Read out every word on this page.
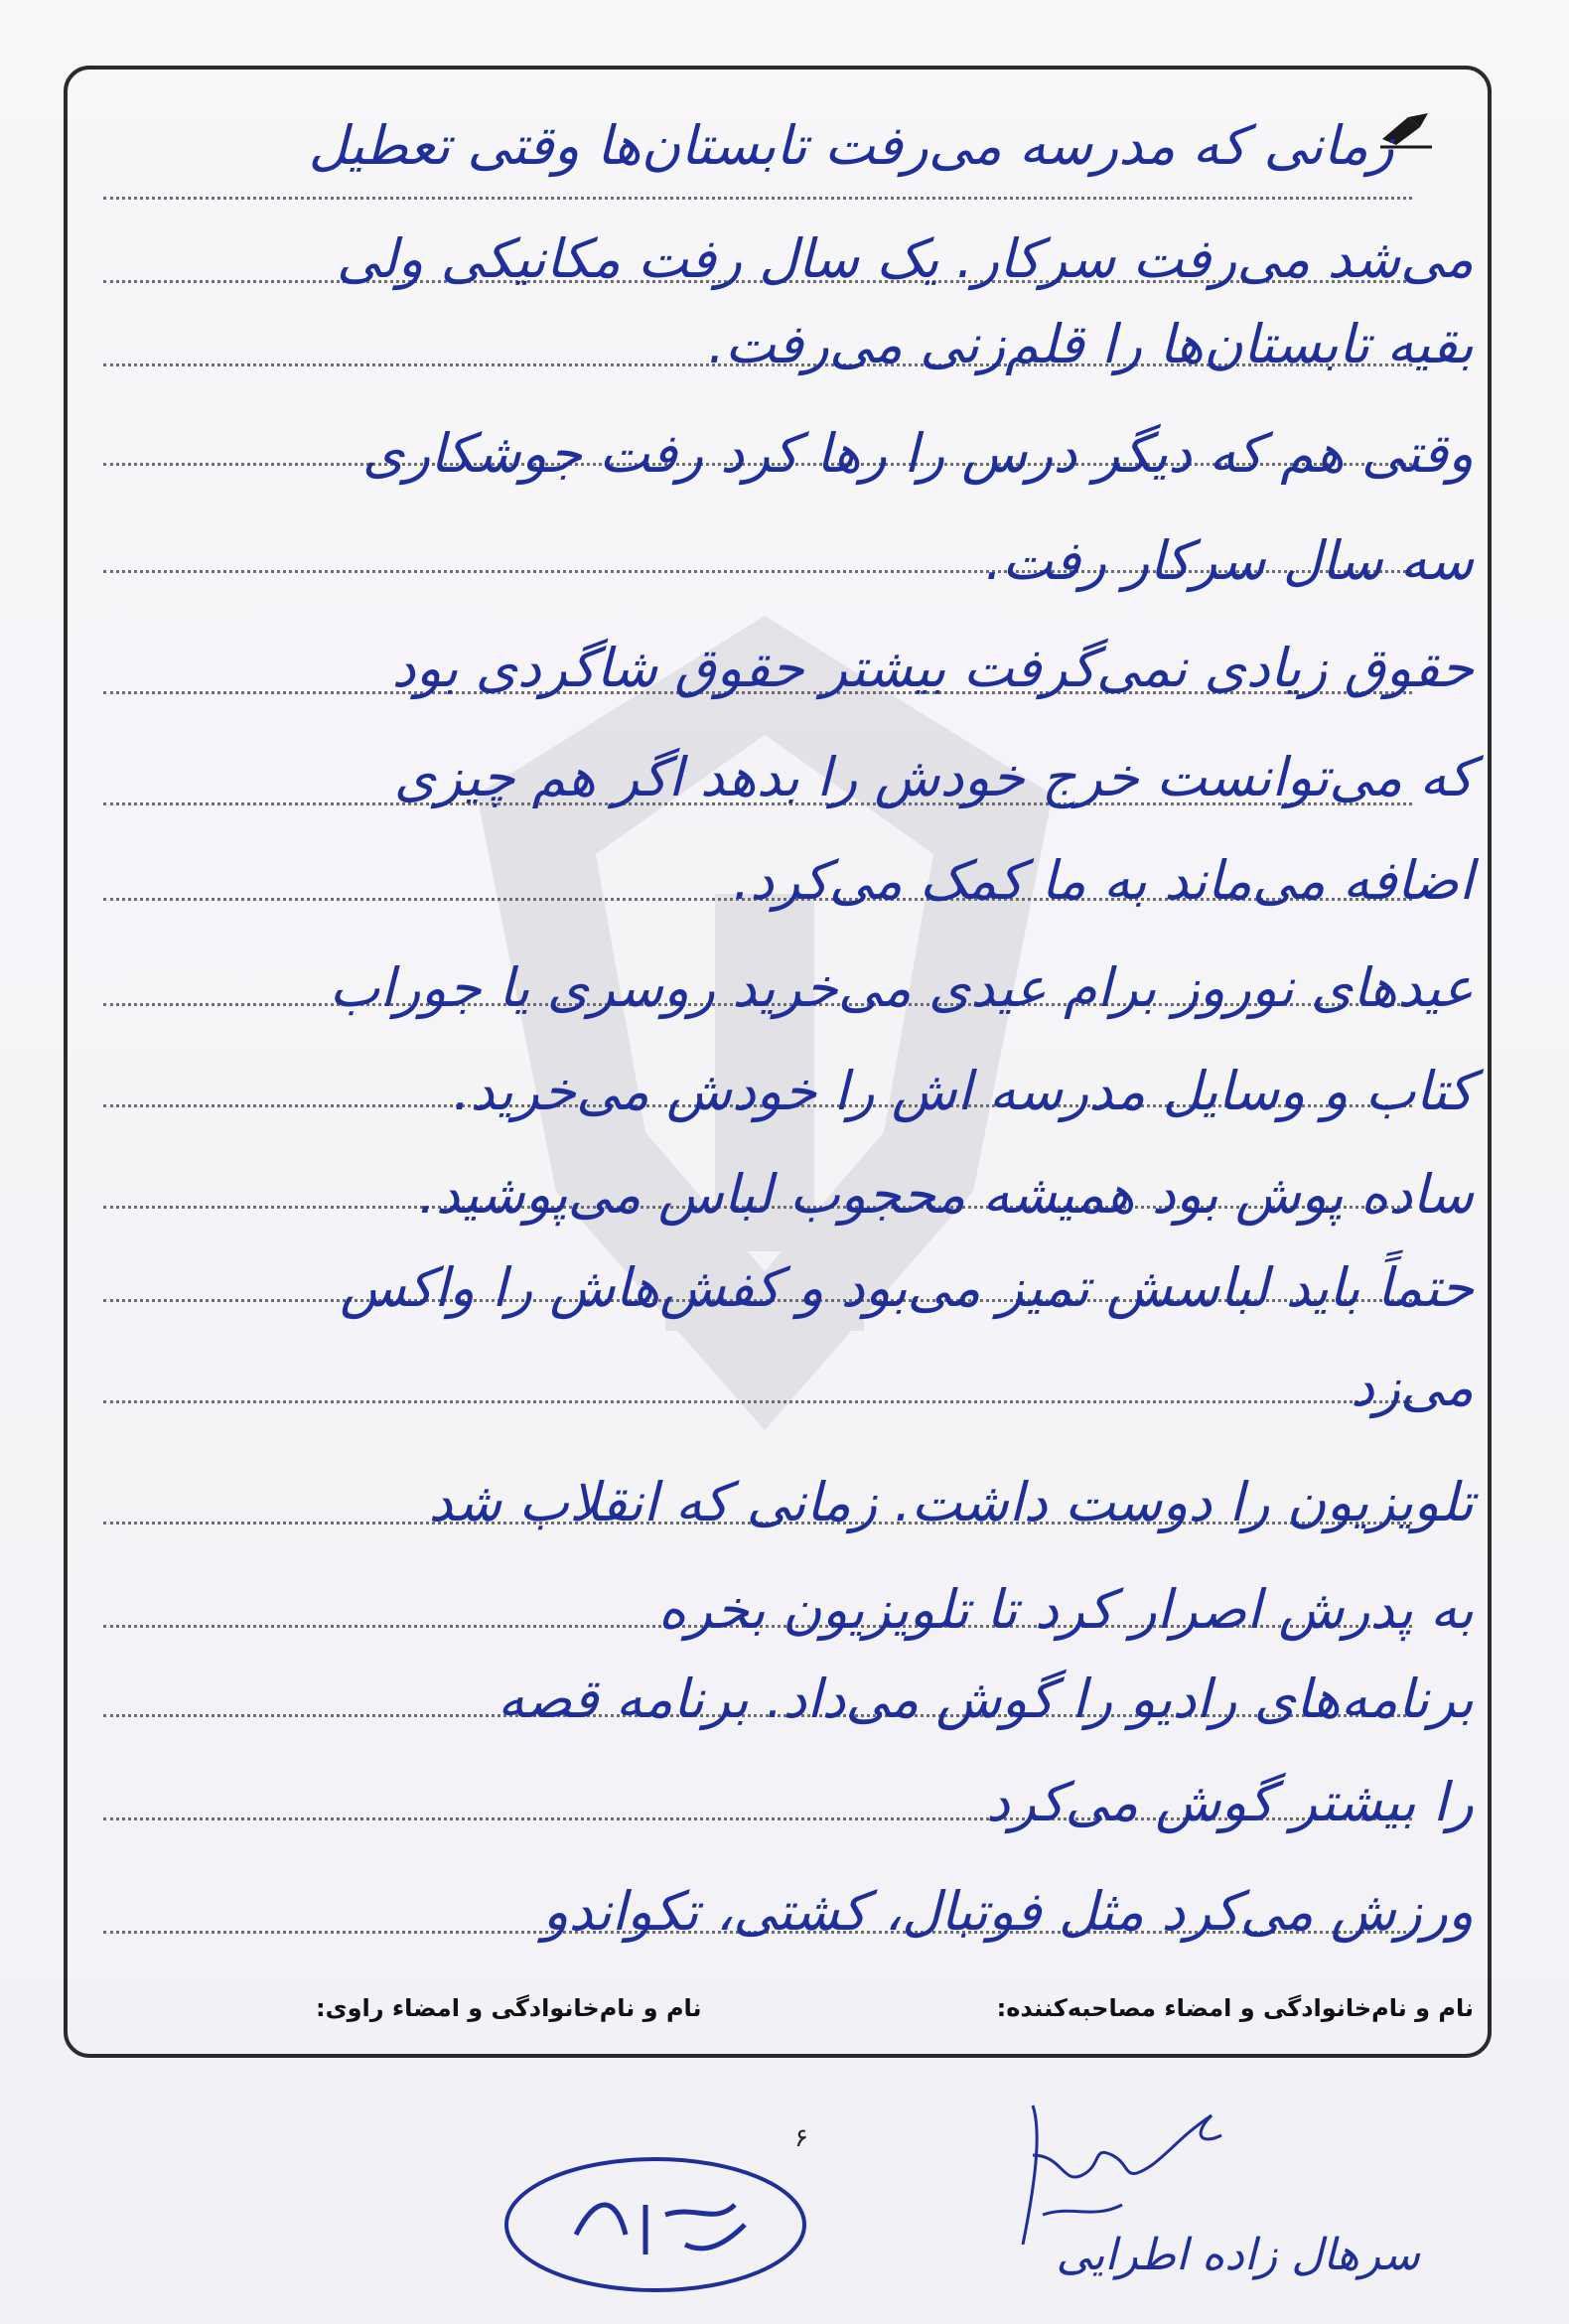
زمانی که مدرسه می‌رفت تابستان‌ها وقتی تعطیل
می‌شد می‌رفت سرکار. یک سال رفت مکانیکی ولی
بقیه تابستان‌ها را قلم‌زنی می‌رفت.
وقتی هم که دیگر درس را رها کرد رفت جوشکاری
سه سال سرکار رفت.
حقوق زیادی نمی‌گرفت بیشتر حقوق شاگردی بود
که می‌توانست خرج خودش را بدهد اگر هم چیزی
اضافه می‌ماند به ما کمک می‌کرد.
عیدهای نوروز برام عیدی می‌خرید روسری یا جوراب
کتاب و وسایل مدرسه اش را خودش می‌خرید.
ساده پوش بود همیشه محجوب لباس می‌پوشید.
حتماً باید لباسش تمیز می‌بود و کفش‌هاش را واکس
می‌زد
تلویزیون را دوست داشت. زمانی که انقلاب شد
به پدرش اصرار کرد تا تلویزیون بخره
برنامه‌های رادیو را گوش می‌داد. برنامه قصه
را بیشتر گوش می‌کرد
ورزش می‌کرد مثل فوتبال، کشتی، تکواندو
نام و نام‌خانوادگی و امضاء مصاحبه‌کننده:
نام و نام‌خانوادگی و امضاء راوی:
۶
سرهال زاده اطرایی
